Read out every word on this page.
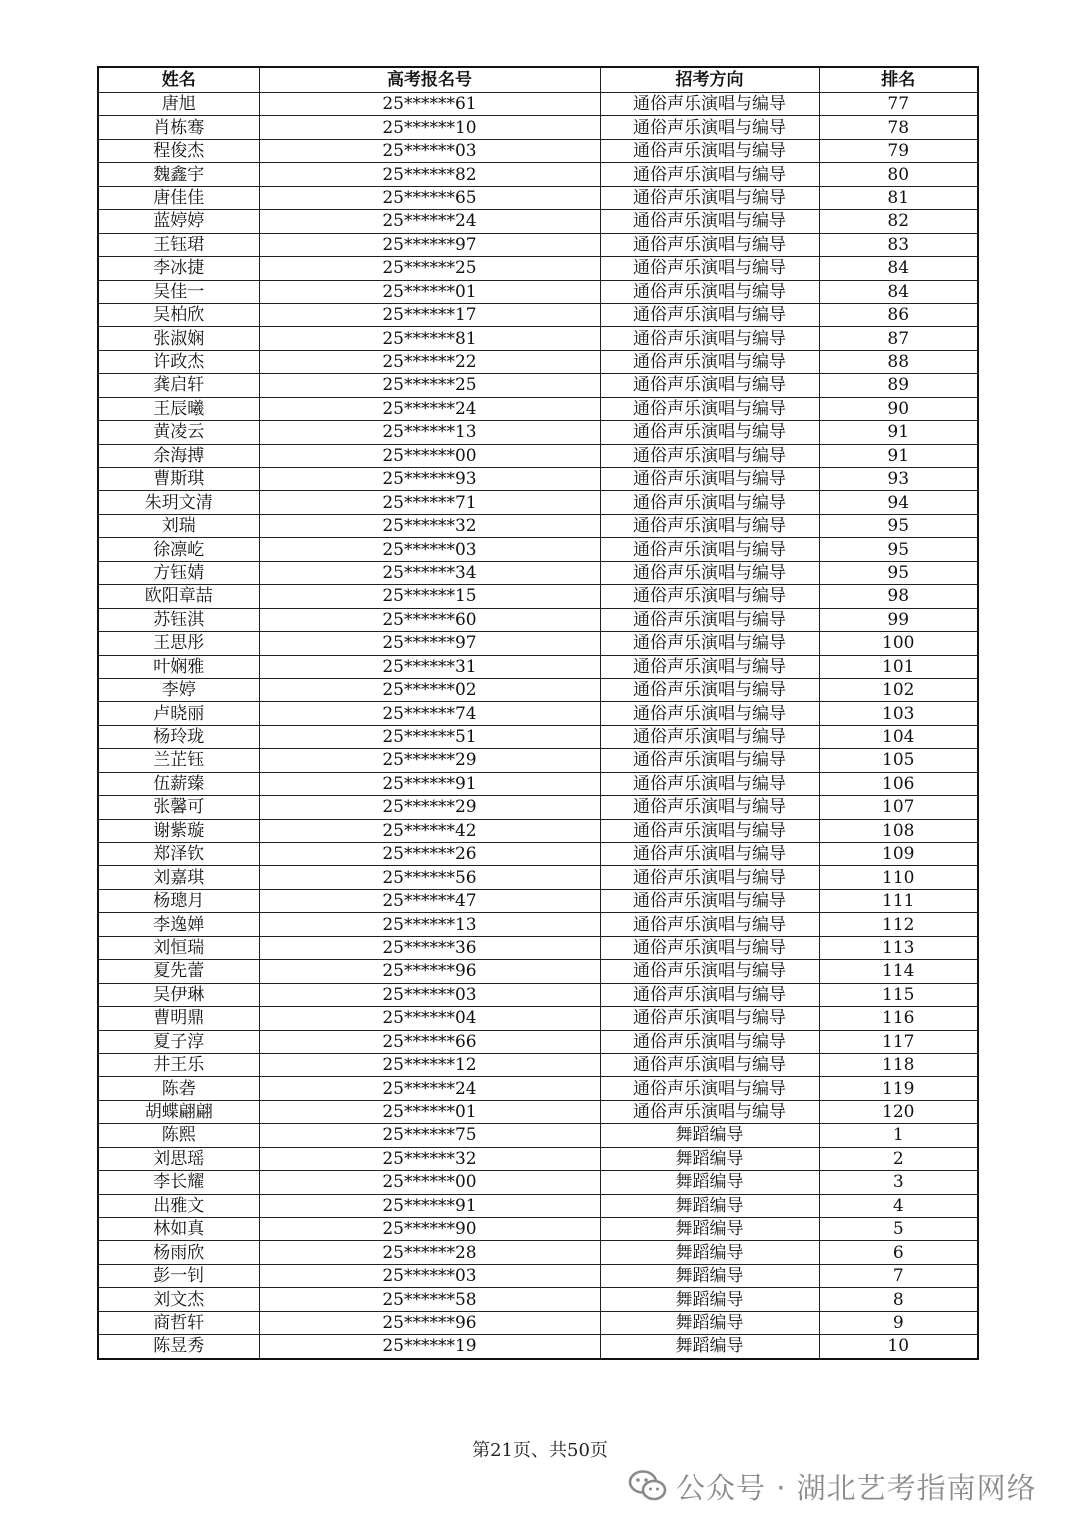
姓名	高考报名号	招考方向	排名
唐旭	25******61	通俗声乐演唱与编导	77
肖栋骞	25******10	通俗声乐演唱与编导	78
程俊杰	25******03	通俗声乐演唱与编导	79
魏鑫宇	25******82	通俗声乐演唱与编导	80
唐佳佳	25******65	通俗声乐演唱与编导	81
蓝婷婷	25******24	通俗声乐演唱与编导	82
王钰珺	25******97	通俗声乐演唱与编导	83
李冰捷	25******25	通俗声乐演唱与编导	84
吴佳一	25******01	通俗声乐演唱与编导	84
吴柏欣	25******17	通俗声乐演唱与编导	86
张淑娴	25******81	通俗声乐演唱与编导	87
许政杰	25******22	通俗声乐演唱与编导	88
龚启轩	25******25	通俗声乐演唱与编导	89
王辰曦	25******24	通俗声乐演唱与编导	90
黄凌云	25******13	通俗声乐演唱与编导	91
余海搏	25******00	通俗声乐演唱与编导	91
曹斯琪	25******93	通俗声乐演唱与编导	93
朱玥文清	25******71	通俗声乐演唱与编导	94
刘瑞	25******32	通俗声乐演唱与编导	95
徐凛屹	25******03	通俗声乐演唱与编导	95
方钰婧	25******34	通俗声乐演唱与编导	95
欧阳章喆	25******15	通俗声乐演唱与编导	98
苏钰淇	25******60	通俗声乐演唱与编导	99
王思彤	25******97	通俗声乐演唱与编导	100
叶娴雅	25******31	通俗声乐演唱与编导	101
李婷	25******02	通俗声乐演唱与编导	102
卢晓丽	25******74	通俗声乐演唱与编导	103
杨玲珑	25******51	通俗声乐演唱与编导	104
兰芷钰	25******29	通俗声乐演唱与编导	105
伍薪臻	25******91	通俗声乐演唱与编导	106
张馨可	25******29	通俗声乐演唱与编导	107
谢紫璇	25******42	通俗声乐演唱与编导	108
郑泽钦	25******26	通俗声乐演唱与编导	109
刘嘉琪	25******56	通俗声乐演唱与编导	110
杨璁月	25******47	通俗声乐演唱与编导	111
李逸婵	25******13	通俗声乐演唱与编导	112
刘恒瑞	25******36	通俗声乐演唱与编导	113
夏先蕾	25******96	通俗声乐演唱与编导	114
吴伊琳	25******03	通俗声乐演唱与编导	115
曹明鼎	25******04	通俗声乐演唱与编导	116
夏子淳	25******66	通俗声乐演唱与编导	117
井王乐	25******12	通俗声乐演唱与编导	118
陈砻	25******24	通俗声乐演唱与编导	119
胡蝶翩翩	25******01	通俗声乐演唱与编导	120
陈熙	25******75	舞蹈编导	1
刘思瑶	25******32	舞蹈编导	2
李长耀	25******00	舞蹈编导	3
出雅文	25******91	舞蹈编导	4
林如真	25******90	舞蹈编导	5
杨雨欣	25******28	舞蹈编导	6
彭一钊	25******03	舞蹈编导	7
刘文杰	25******58	舞蹈编导	8
商哲轩	25******96	舞蹈编导	9
陈昱秀	25******19	舞蹈编导	10
第21页、共50页
公众号 · 湖北艺考指南网络
